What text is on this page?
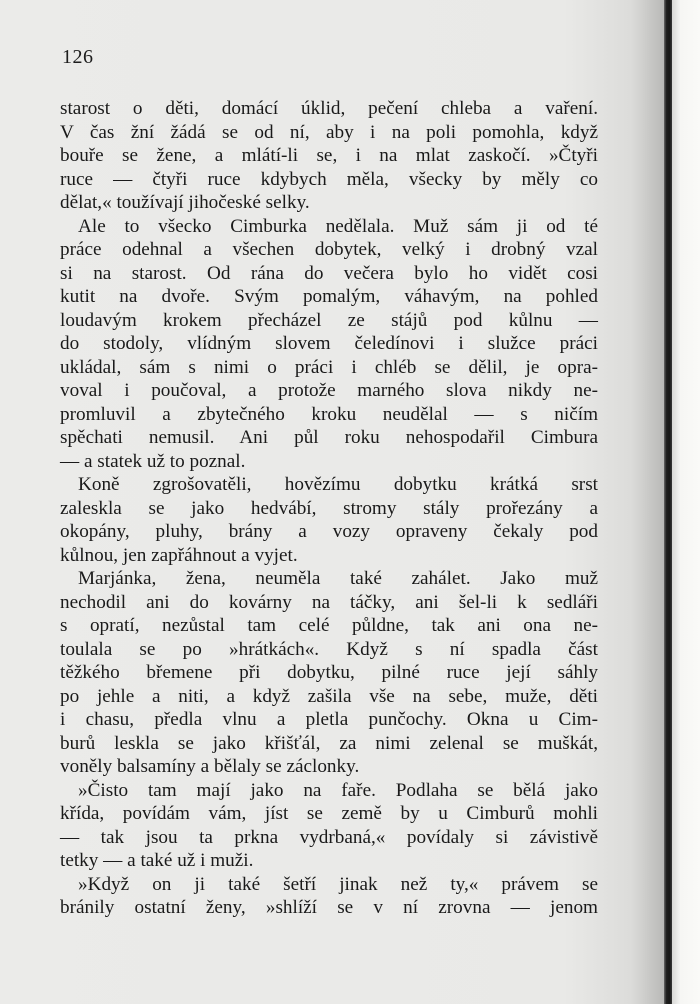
126
starost o děti, domácí úklid, pečení chleba a vaření.
V čas žní žádá se od ní, aby i na poli pomohla, když
bouře se žene, a mlátí-li se, i na mlat zaskočí. »Čtyři
ruce — čtyři ruce kdybych měla, všecky by měly co
dělat,« toužívají jihočeské selky.
Ale to všecko Cimburka nedělala. Muž sám ji od té
práce odehnal a všechen dobytek, velký i drobný vzal
si na starost. Od rána do večera bylo ho vidět cosi
kutit na dvoře. Svým pomalým, váhavým, na pohled
loudavým krokem přecházel ze stájů pod kůlnu —
do stodoly, vlídným slovem čeledínovi i služce práci
ukládal, sám s nimi o práci i chléb se dělil, je opra-
voval i poučoval, a protože marného slova nikdy ne-
promluvil a zbytečného kroku neudělal — s ničím
spěchati nemusil. Ani půl roku nehospodařil Cimbura
— a statek už to poznal.
Koně zgrošovatěli, hovězímu dobytku krátká srst
zaleskla se jako hedvábí, stromy stály prořezány a
okopány, pluhy, brány a vozy opraveny čekaly pod
kůlnou, jen zapřáhnout a vyjet.
Marjánka, žena, neuměla také zahálet. Jako muž
nechodil ani do kovárny na táčky, ani šel-li k sedláři
s opratí, nezůstal tam celé půldne, tak ani ona ne-
toulala se po »hrátkách«. Když s ní spadla část
těžkého břemene při dobytku, pilné ruce její sáhly
po jehle a niti, a když zašila vše na sebe, muže, děti
i chasu, předla vlnu a pletla punčochy. Okna u Cim-
burů leskla se jako křišťál, za nimi zelenal se muškát,
voněly balsamíny a bělaly se záclonky.
»Čisto tam mají jako na faře. Podlaha se bělá jako
křída, povídám vám, jíst se země by u Cimburů mohli
— tak jsou ta prkna vydrbaná,« povídaly si závistivě
tetky — a také už i muži.
»Když on ji také šetří jinak než ty,« právem se
bránily ostatní ženy, »shlíží se v ní zrovna — jenom
